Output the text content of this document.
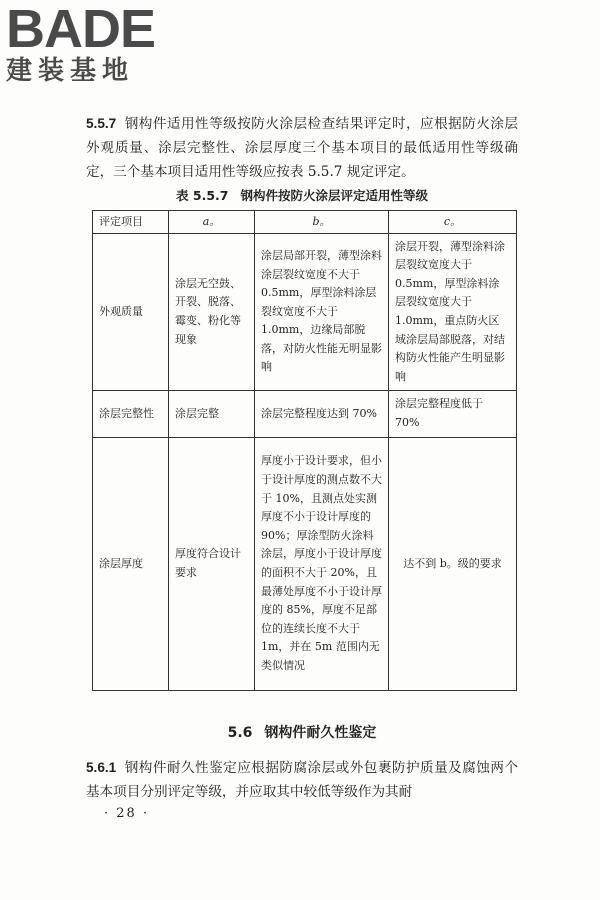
BADE
建装基地
5.5.7 钢构件适用性等级按防火涂层检查结果评定时，应根据防火涂层外观质量、涂层完整性、涂层厚度三个基本项目的最低适用性等级确定，三个基本项目适用性等级应按表 5.5.7 规定评定。
表 5.5.7 钢构件按防火涂层评定适用性等级
评定项目	a。	b。	c。
外观质量	涂层无空鼓、开裂、脱落、霉变、粉化等现象	涂层局部开裂，薄型涂料涂层裂纹宽度不大于 0.5mm，厚型涂料涂层裂纹宽度不大于 1.0mm，边缘局部脱落，对防火性能无明显影响	涂层开裂，薄型涂料涂层裂纹宽度大于 0.5mm，厚型涂料涂层裂纹宽度大于 1.0mm，重点防火区域涂层局部脱落，对结构防火性能产生明显影响
涂层完整性	涂层完整	涂层完整程度达到 70%	涂层完整程度低于 70%
涂层厚度	厚度符合设计要求	厚度小于设计要求，但小于设计厚度的测点数不大于 10%，且测点处实测厚度不小于设计厚度的 90%；厚涂型防火涂料涂层，厚度小于设计厚度的面积不大于 20%，且最薄处厚度不小于设计厚度的 85%，厚度不足部位的连续长度不大于 1m，并在 5m 范围内无类似情况	达不到 b。级的要求
5.6 钢构件耐久性鉴定
5.6.1 钢构件耐久性鉴定应根据防腐涂层或外包裹防护质量及腐蚀两个基本项目分别评定等级，并应取其中较低等级作为其耐
· 28 ·
